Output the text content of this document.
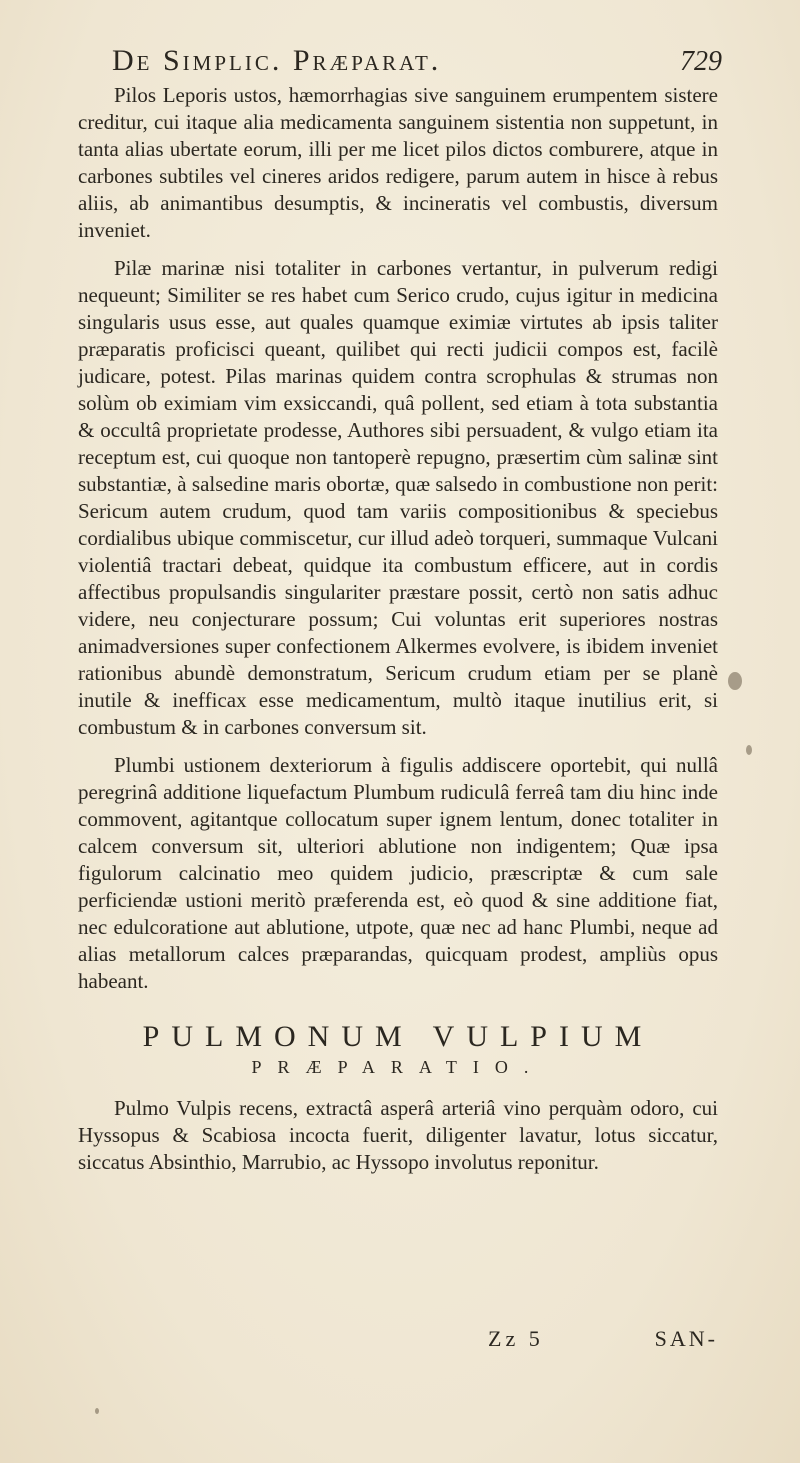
De Simplic. Præparat.	729

Pilos Leporis ustos, hæmorrhagias sive sanguinem erumpentem sistere creditur, cui itaque alia medicamenta sanguinem sistentia non suppetunt, in tanta alias ubertate eorum, illi per me licet pilos dictos comburere, atque in carbones subtiles vel cineres aridos redigere, parum autem in hisce à rebus aliis, ab animantibus desumptis, & incineratis vel combustis, diversum inveniet.

Pilæ marinæ nisi totaliter in carbones vertantur, in pulverum redigi nequeunt; Similiter se res habet cum Serico crudo, cujus igitur in medicina singularis usus esse, aut quales quamque eximiæ virtutes ab ipsis taliter præparatis proficisci queant, quilibet qui recti judicii compos est, facilè judicare, potest. Pilas marinas quidem contra scrophulas & strumas non solùm ob eximiam vim exsiccandi, quâ pollent, sed etiam à tota substantia & occultâ proprietate prodesse, Authores sibi persuadent, & vulgo etiam ita receptum est, cui quoque non tantoperè repugno, præsertim cùm salinæ sint substantiæ, à salsedine maris obortæ, quæ salsedo in combustione non perit: Sericum autem crudum, quod tam variis compositionibus & speciebus cordialibus ubique commiscetur, cur illud adeò torqueri, summaque Vulcani violentiâ tractari debeat, quidque ita combustum efficere, aut in cordis affectibus propulsandis singulariter præstare possit, certò non satis adhuc videre, neu conjecturare possum; Cui voluntas erit superiores nostras animadversiones super confectionem Alkermes evolvere, is ibidem inveniet rationibus abundè demonstratum, Sericum crudum etiam per se planè inutile & inefficax esse medicamentum, multò itaque inutilius erit, si combustum & in carbones conversum sit.

Plumbi ustionem dexteriorum à figulis addiscere oportebit, qui nullâ peregrinâ additione liquefactum Plumbum rudiculâ ferreâ tam diu hinc inde commovent, agitantque collocatum super ignem lentum, donec totaliter in calcem conversum sit, ulteriori ablutione non indigentem; Quæ ipsa figulorum calcinatio meo quidem judicio, præscriptæ & cum sale perficiendæ ustioni meritò præferenda est, eò quod & sine additione fiat, nec edulcoratione aut ablutione, utpote, quæ nec ad hanc Plumbi, neque ad alias metallorum calces præparandas, quicquam prodest, ampliùs opus habeant.

PULMONUM VULPIUM
PRÆPARATIO.

Pulmo Vulpis recens, extractâ asperâ arteriâ vino perquàm odoro, cui Hyssopus & Scabiosa incocta fuerit, diligenter lavatur, lotus siccatur, siccatus Absinthio, Marrubio, ac Hyssopo involutus reponitur.

Zz 5	SAN-
